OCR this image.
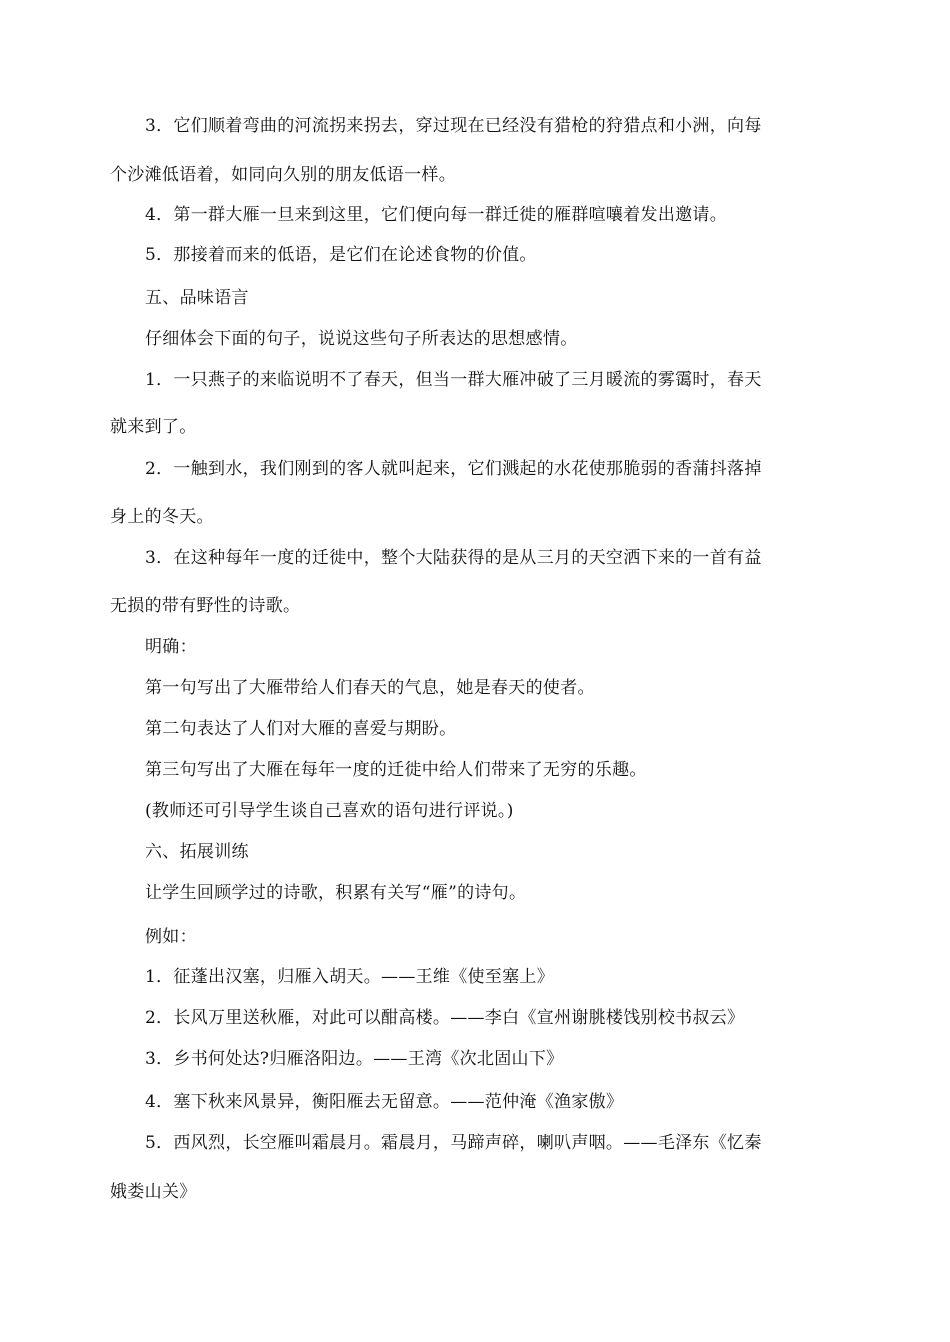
3．它们顺着弯曲的河流拐来拐去，穿过现在已经没有猎枪的狩猎点和小洲，向每
个沙滩低语着，如同向久别的朋友低语一样。
4．第一群大雁一旦来到这里，它们便向每一群迁徙的雁群喧嚷着发出邀请。
5．那接着而来的低语，是它们在论述食物的价值。
五、品味语言
仔细体会下面的句子，说说这些句子所表达的思想感情。
1．一只燕子的来临说明不了春天，但当一群大雁冲破了三月暖流的雾霭时，春天
就来到了。
2．一触到水，我们刚到的客人就叫起来，它们溅起的水花使那脆弱的香蒲抖落掉
身上的冬天。
3．在这种每年一度的迁徙中，整个大陆获得的是从三月的天空洒下来的一首有益
无损的带有野性的诗歌。
明确：
第一句写出了大雁带给人们春天的气息，她是春天的使者。
第二句表达了人们对大雁的喜爱与期盼。
第三句写出了大雁在每年一度的迁徙中给人们带来了无穷的乐趣。
(教师还可引导学生谈自己喜欢的语句进行评说。)
六、拓展训练
让学生回顾学过的诗歌，积累有关写“雁”的诗句。
例如：
1．征蓬出汉塞，归雁入胡天。——王维《使至塞上》
2．长风万里送秋雁，对此可以酣高楼。——李白《宣州谢朓楼饯别校书叔云》
3．乡书何处达?归雁洛阳边。——王湾《次北固山下》
4．塞下秋来风景异，衡阳雁去无留意。——范仲淹《渔家傲》
5．西风烈，长空雁叫霜晨月。霜晨月，马蹄声碎，喇叭声咽。——毛泽东《忆秦
娥娄山关》
